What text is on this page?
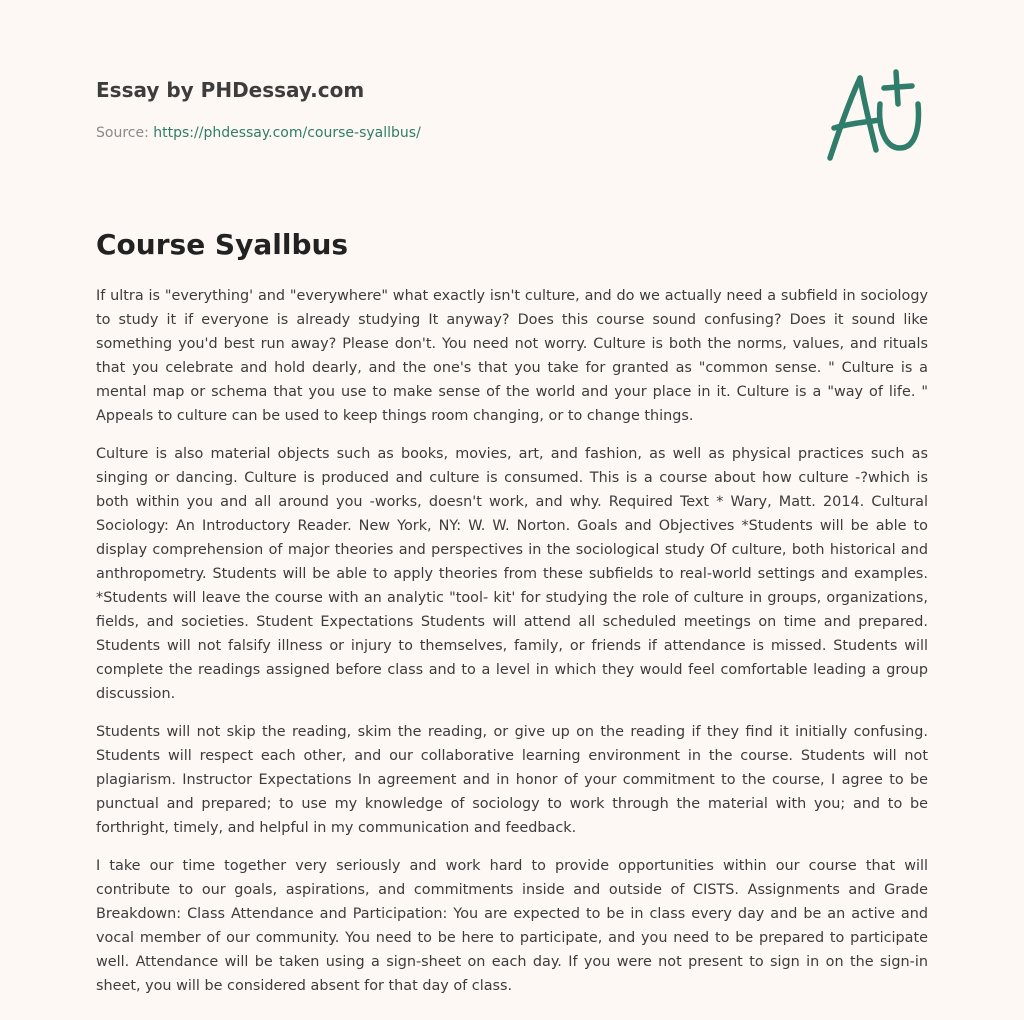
Essay by PHDessay.com
Source: https://phdessay.com/course-syallbus/
Course Syallbus

If ultra is "everything' and "everywhere" what exactly isn't culture, and do we actually need a subfield in sociology to study it if everyone is already studying It anyway? Does this course sound confusing? Does it sound like something you'd best run away? Please don't. You need not worry. Culture is both the norms, values, and rituals that you celebrate and hold dearly, and the one's that you take for granted as "common sense. " Culture is a mental map or schema that you use to make sense of the world and your place in it. Culture is a "way of life. " Appeals to culture can be used to keep things room changing, or to change things.

Culture is also material objects such as books, movies, art, and fashion, as well as physical practices such as singing or dancing. Culture is produced and culture is consumed. This is a course about how culture -?which is both within you and all around you -works, doesn't work, and why. Required Text * Wary, Matt. 2014. Cultural Sociology: An Introductory Reader. New York, NY: W. W. Norton. Goals and Objectives *Students will be able to display comprehension of major theories and perspectives in the sociological study Of culture, both historical and anthropometry. Students will be able to apply theories from these subfields to real-world settings and examples. *Students will leave the course with an analytic "tool- kit' for studying the role of culture in groups, organizations, fields, and societies. Student Expectations Students will attend all scheduled meetings on time and prepared. Students will not falsify illness or injury to themselves, family, or friends if attendance is missed. Students will complete the readings assigned before class and to a level in which they would feel comfortable leading a group discussion.

Students will not skip the reading, skim the reading, or give up on the reading if they find it initially confusing. Students will respect each other, and our collaborative learning environment in the course. Students will not plagiarism. Instructor Expectations In agreement and in honor of your commitment to the course, I agree to be punctual and prepared; to use my knowledge of sociology to work through the material with you; and to be forthright, timely, and helpful in my communication and feedback.

I take our time together very seriously and work hard to provide opportunities within our course that will contribute to our goals, aspirations, and commitments inside and outside of CISTS. Assignments and Grade Breakdown: Class Attendance and Participation: You are expected to be in class every day and be an active and vocal member of our community. You need to be here to participate, and you need to be prepared to participate well. Attendance will be taken using a sign-sheet on each day. If you were not present to sign in on the sign-in sheet, you will be considered absent for that day of class.
